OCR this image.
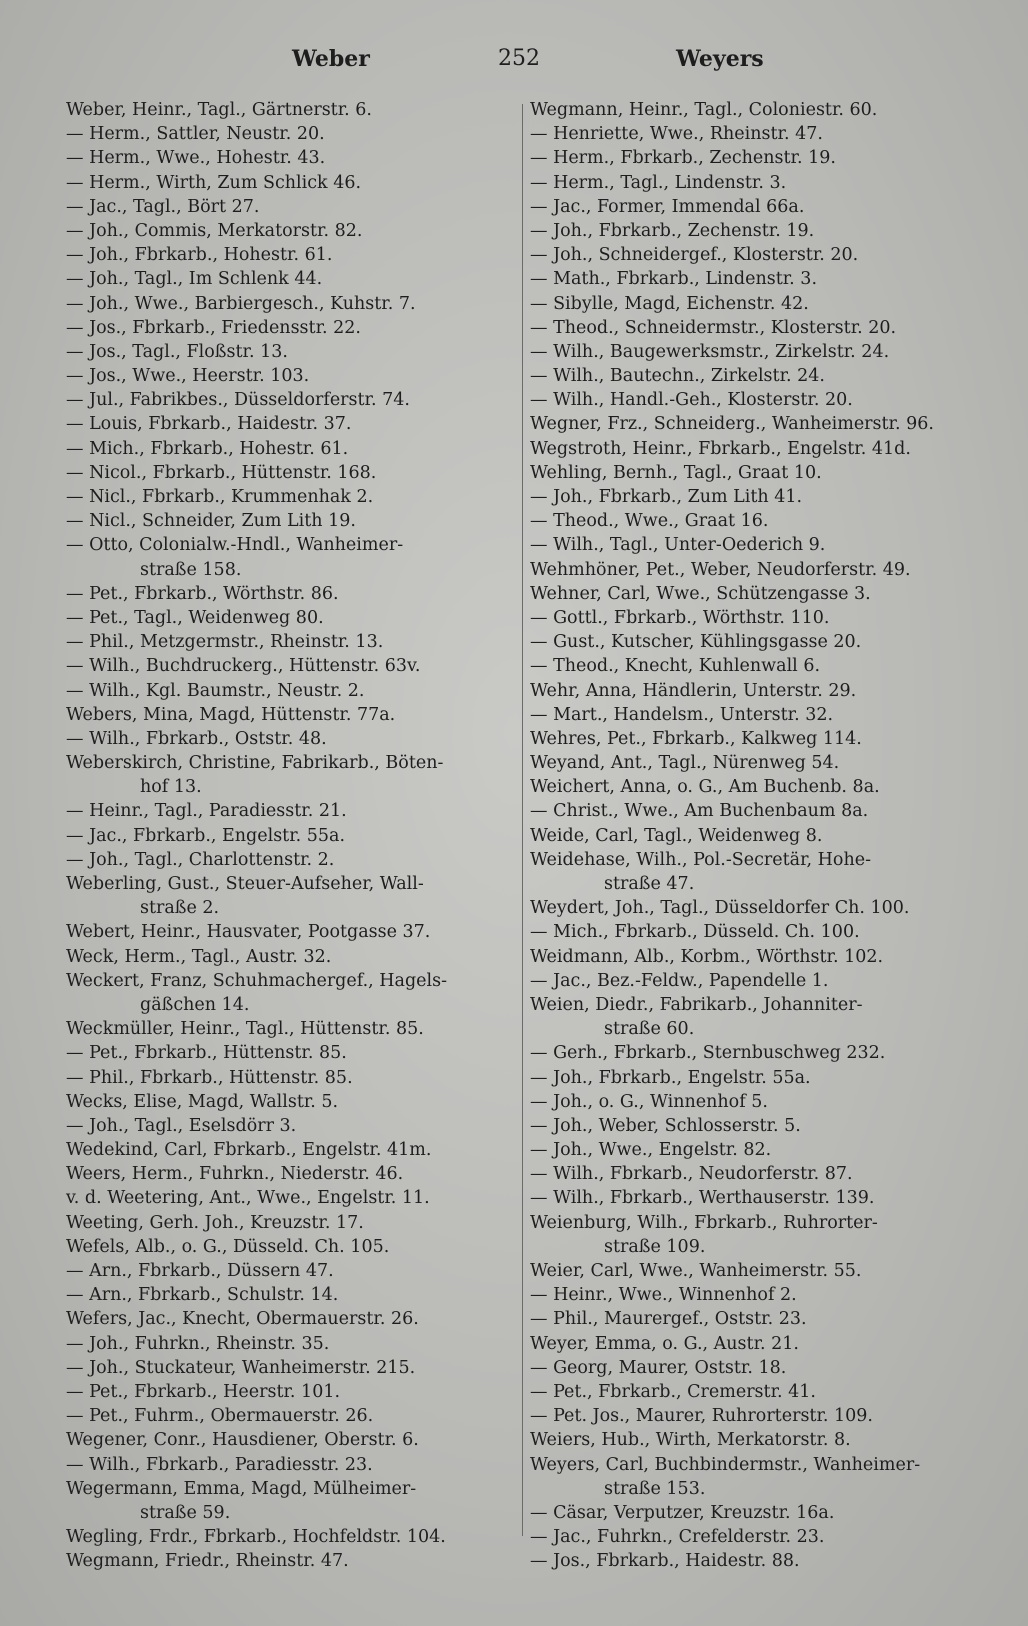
Weber	252	Weyers
Weber, Heinr., Tagl., Gärtnerstr. 6.
— Herm., Sattler, Neustr. 20.
— Herm., Wwe., Hohestr. 43.
— Herm., Wirth, Zum Schlick 46.
— Jac., Tagl., Bört 27.
— Joh., Commis, Merkatorstr. 82.
— Joh., Fbrkarb., Hohestr. 61.
— Joh., Tagl., Im Schlenk 44.
— Joh., Wwe., Barbiergesch., Kuhstr. 7.
— Jos., Fbrkarb., Friedensstr. 22.
— Jos., Tagl., Floßstr. 13.
— Jos., Wwe., Heerstr. 103.
— Jul., Fabrikbes., Düsseldorferstr. 74.
— Louis, Fbrkarb., Haidestr. 37.
— Mich., Fbrkarb., Hohestr. 61.
— Nicol., Fbrkarb., Hüttenstr. 168.
— Nicl., Fbrkarb., Krummenhak 2.
— Nicl., Schneider, Zum Lith 19.
— Otto, Colonialw.-Hndl., Wanheimer-
straße 158.
— Pet., Fbrkarb., Wörthstr. 86.
— Pet., Tagl., Weidenweg 80.
— Phil., Metzgermstr., Rheinstr. 13.
— Wilh., Buchdruckerg., Hüttenstr. 63v.
— Wilh., Kgl. Baumstr., Neustr. 2.
Webers, Mina, Magd, Hüttenstr. 77a.
— Wilh., Fbrkarb., Oststr. 48.
Weberskirch, Christine, Fabrikarb., Böten-
hof 13.
— Heinr., Tagl., Paradiesstr. 21.
— Jac., Fbrkarb., Engelstr. 55a.
— Joh., Tagl., Charlottenstr. 2.
Weberling, Gust., Steuer-Aufseher, Wall-
straße 2.
Webert, Heinr., Hausvater, Pootgasse 37.
Weck, Herm., Tagl., Austr. 32.
Weckert, Franz, Schuhmachergef., Hagels-
gäßchen 14.
Weckmüller, Heinr., Tagl., Hüttenstr. 85.
— Pet., Fbrkarb., Hüttenstr. 85.
— Phil., Fbrkarb., Hüttenstr. 85.
Wecks, Elise, Magd, Wallstr. 5.
— Joh., Tagl., Eselsdörr 3.
Wedekind, Carl, Fbrkarb., Engelstr. 41m.
Weers, Herm., Fuhrkn., Niederstr. 46.
v. d. Weetering, Ant., Wwe., Engelstr. 11.
Weeting, Gerh. Joh., Kreuzstr. 17.
Wefels, Alb., o. G., Düsseld. Ch. 105.
— Arn., Fbrkarb., Düssern 47.
— Arn., Fbrkarb., Schulstr. 14.
Wefers, Jac., Knecht, Obermauerstr. 26.
— Joh., Fuhrkn., Rheinstr. 35.
— Joh., Stuckateur, Wanheimerstr. 215.
— Pet., Fbrkarb., Heerstr. 101.
— Pet., Fuhrm., Obermauerstr. 26.
Wegener, Conr., Hausdiener, Oberstr. 6.
— Wilh., Fbrkarb., Paradiesstr. 23.
Wegermann, Emma, Magd, Mülheimer-
straße 59.
Wegling, Frdr., Fbrkarb., Hochfeldstr. 104.
Wegmann, Friedr., Rheinstr. 47.
Wegmann, Heinr., Tagl., Coloniestr. 60.
— Henriette, Wwe., Rheinstr. 47.
— Herm., Fbrkarb., Zechenstr. 19.
— Herm., Tagl., Lindenstr. 3.
— Jac., Former, Immendal 66a.
— Joh., Fbrkarb., Zechenstr. 19.
— Joh., Schneidergef., Klosterstr. 20.
— Math., Fbrkarb., Lindenstr. 3.
— Sibylle, Magd, Eichenstr. 42.
— Theod., Schneidermstr., Klosterstr. 20.
— Wilh., Baugewerksmstr., Zirkelstr. 24.
— Wilh., Bautechn., Zirkelstr. 24.
— Wilh., Handl.-Geh., Klosterstr. 20.
Wegner, Frz., Schneiderg., Wanheimerstr. 96.
Wegstroth, Heinr., Fbrkarb., Engelstr. 41d.
Wehling, Bernh., Tagl., Graat 10.
— Joh., Fbrkarb., Zum Lith 41.
— Theod., Wwe., Graat 16.
— Wilh., Tagl., Unter-Oederich 9.
Wehmhöner, Pet., Weber, Neudorferstr. 49.
Wehner, Carl, Wwe., Schützengasse 3.
— Gottl., Fbrkarb., Wörthstr. 110.
— Gust., Kutscher, Kühlingsgasse 20.
— Theod., Knecht, Kuhlenwall 6.
Wehr, Anna, Händlerin, Unterstr. 29.
— Mart., Handelsm., Unterstr. 32.
Wehres, Pet., Fbrkarb., Kalkweg 114.
Weyand, Ant., Tagl., Nürenweg 54.
Weichert, Anna, o. G., Am Buchenb. 8a.
— Christ., Wwe., Am Buchenbaum 8a.
Weide, Carl, Tagl., Weidenweg 8.
Weidehase, Wilh., Pol.-Secretär, Hohe-
straße 47.
Weydert, Joh., Tagl., Düsseldorfer Ch. 100.
— Mich., Fbrkarb., Düsseld. Ch. 100.
Weidmann, Alb., Korbm., Wörthstr. 102.
— Jac., Bez.-Feldw., Papendelle 1.
Weien, Diedr., Fabrikarb., Johanniter-
straße 60.
— Gerh., Fbrkarb., Sternbuschweg 232.
— Joh., Fbrkarb., Engelstr. 55a.
— Joh., o. G., Winnenhof 5.
— Joh., Weber, Schlosserstr. 5.
— Joh., Wwe., Engelstr. 82.
— Wilh., Fbrkarb., Neudorferstr. 87.
— Wilh., Fbrkarb., Werthauserstr. 139.
Weienburg, Wilh., Fbrkarb., Ruhrorter-
straße 109.
Weier, Carl, Wwe., Wanheimerstr. 55.
— Heinr., Wwe., Winnenhof 2.
— Phil., Maurergef., Oststr. 23.
Weyer, Emma, o. G., Austr. 21.
— Georg, Maurer, Oststr. 18.
— Pet., Fbrkarb., Cremerstr. 41.
— Pet. Jos., Maurer, Ruhrorterstr. 109.
Weiers, Hub., Wirth, Merkatorstr. 8.
Weyers, Carl, Buchbindermstr., Wanheimer-
straße 153.
— Cäsar, Verputzer, Kreuzstr. 16a.
— Jac., Fuhrkn., Crefelderstr. 23.
— Jos., Fbrkarb., Haidestr. 88.
